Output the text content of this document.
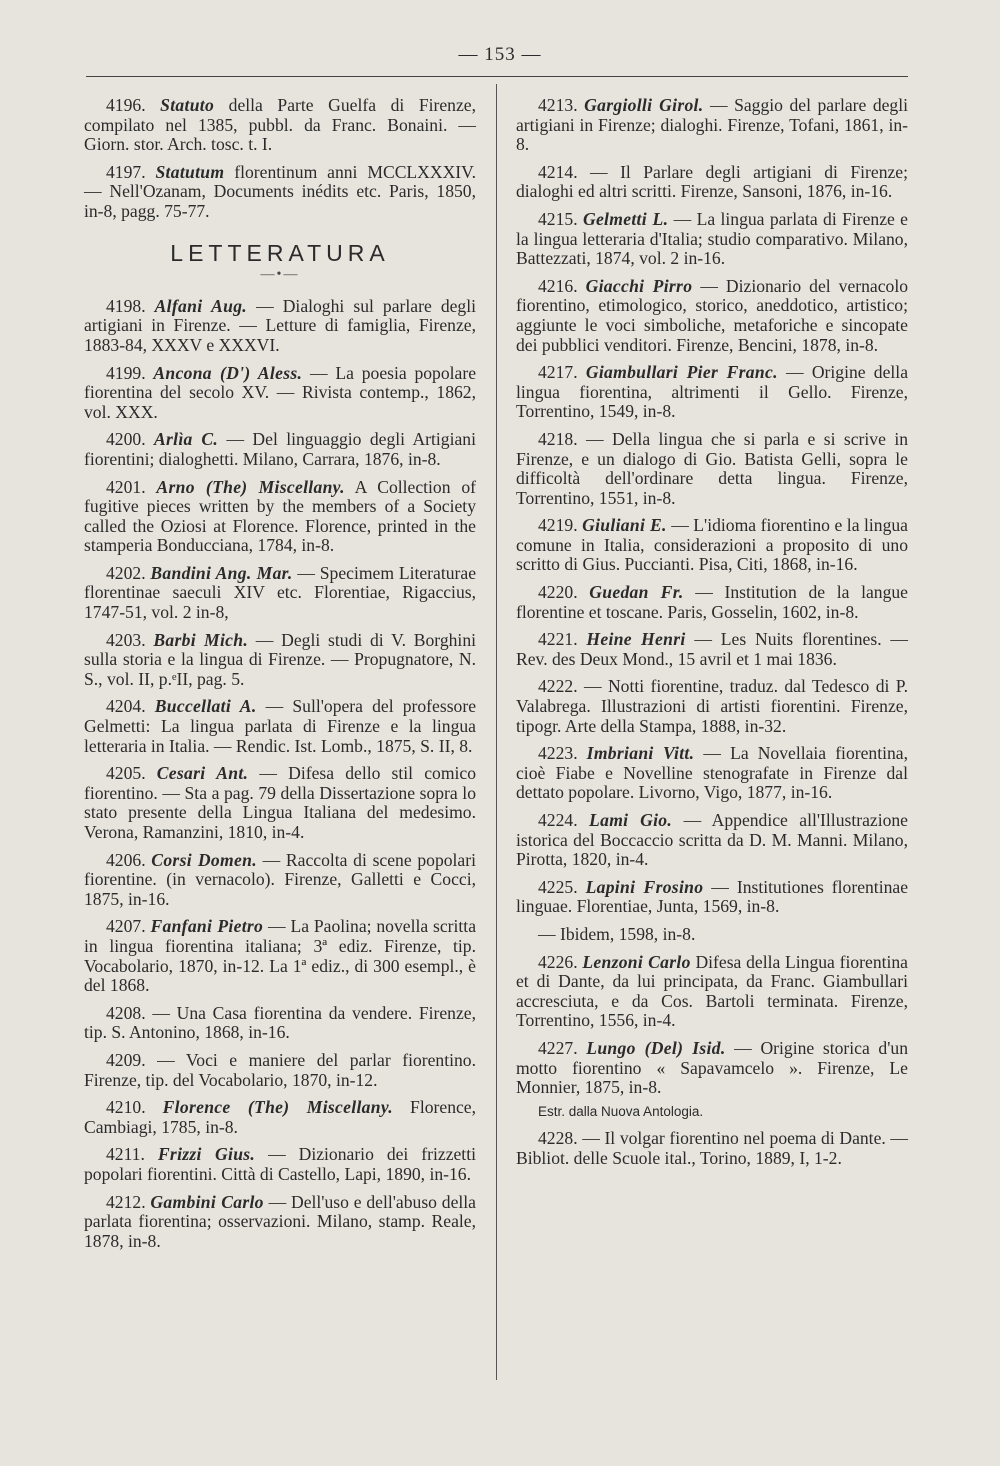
— 153 —
4196. Statuto della Parte Guelfa di Firenze, compilato nel 1385, pubbl. da Franc. Bonaini. — Giorn. stor. Arch. tosc. t. I.
4197. Statutum florentinum anni MCCLXXXIV. — Nell'Ozanam, Documents inédits etc. Paris, 1850, in-8, pagg. 75-77.
LETTERATURA
—•—
4198. Alfani Aug. — Dialoghi sul parlare degli artigiani in Firenze. — Letture di famiglia, Firenze, 1883-84, XXXV e XXXVI.
4199. Ancona (D') Aless. — La poesia popolare fiorentina del secolo XV. — Rivista contemp., 1862, vol. XXX.
4200. Arlìa C. — Del linguaggio degli Artigiani fiorentini; dialoghetti. Milano, Carrara, 1876, in-8.
4201. Arno (The) Miscellany. A Collection of fugitive pieces written by the members of a Society called the Oziosi at Florence. Florence, printed in the stamperia Bonducciana, 1784, in-8.
4202. Bandini Ang. Mar. — Specimem Literaturae florentinae saeculi XIV etc. Florentiae, Rigaccius, 1747-51, vol. 2 in-8,
4203. Barbi Mich. — Degli studi di V. Borghini sulla storia e la lingua di Firenze. — Propugnatore, N. S., vol. II, p.ᵉII, pag. 5.
4204. Buccellati A. — Sull'opera del professore Gelmetti: La lingua parlata di Firenze e la lingua letteraria in Italia. — Rendic. Ist. Lomb., 1875, S. II, 8.
4205. Cesari Ant. — Difesa dello stil comico fiorentino. — Sta a pag. 79 della Dissertazione sopra lo stato presente della Lingua Italiana del medesimo. Verona, Ramanzini, 1810, in-4.
4206. Corsi Domen. — Raccolta di scene popolari fiorentine. (in vernacolo). Firenze, Galletti e Cocci, 1875, in-16.
4207. Fanfani Pietro — La Paolina; novella scritta in lingua fiorentina italiana; 3ª ediz. Firenze, tip. Vocabolario, 1870, in-12. La 1ª ediz., di 300 esempl., è del 1868.
4208. — Una Casa fiorentina da vendere. Firenze, tip. S. Antonino, 1868, in-16.
4209. — Voci e maniere del parlar fiorentino. Firenze, tip. del Vocabolario, 1870, in-12.
4210. Florence (The) Miscellany. Florence, Cambiagi, 1785, in-8.
4211. Frizzi Gius. — Dizionario dei frizzetti popolari fiorentini. Città di Castello, Lapi, 1890, in-16.
4212. Gambini Carlo — Dell'uso e dell'abuso della parlata fiorentina; osservazioni. Milano, stamp. Reale, 1878, in-8.
4213. Gargiolli Girol. — Saggio del parlare degli artigiani in Firenze; dialoghi. Firenze, Tofani, 1861, in-8.
4214. — Il Parlare degli artigiani di Firenze; dialoghi ed altri scritti. Firenze, Sansoni, 1876, in-16.
4215. Gelmetti L. — La lingua parlata di Firenze e la lingua letteraria d'Italia; studio comparativo. Milano, Battezzati, 1874, vol. 2 in-16.
4216. Giacchi Pirro — Dizionario del vernacolo fiorentino, etimologico, storico, aneddotico, artistico; aggiunte le voci simboliche, metaforiche e sincopate dei pubblici venditori. Firenze, Bencini, 1878, in-8.
4217. Giambullari Pier Franc. — Origine della lingua fiorentina, altrimenti il Gello. Firenze, Torrentino, 1549, in-8.
4218. — Della lingua che si parla e si scrive in Firenze, e un dialogo di Gio. Batista Gelli, sopra le difficoltà dell'ordinare detta lingua. Firenze, Torrentino, 1551, in-8.
4219. Giuliani E. — L'idioma fiorentino e la lingua comune in Italia, considerazioni a proposito di uno scritto di Gius. Puccianti. Pisa, Citi, 1868, in-16.
4220. Guedan Fr. — Institution de la langue florentine et toscane. Paris, Gosselin, 1602, in-8.
4221. Heine Henri — Les Nuits florentines. — Rev. des Deux Mond., 15 avril et 1 mai 1836.
4222. — Notti fiorentine, traduz. dal Tedesco di P. Valabrega. Illustrazioni di artisti fiorentini. Firenze, tipogr. Arte della Stampa, 1888, in-32.
4223. Imbriani Vitt. — La Novellaia fiorentina, cioè Fiabe e Novelline stenografate in Firenze dal dettato popolare. Livorno, Vigo, 1877, in-16.
4224. Lami Gio. — Appendice all'Illustrazione istorica del Boccaccio scritta da D. M. Manni. Milano, Pirotta, 1820, in-4.
4225. Lapini Frosino — Institutiones florentinae linguae. Florentiae, Junta, 1569, in-8.
— Ibidem, 1598, in-8.
4226. Lenzoni Carlo Difesa della Lingua fiorentina et di Dante, da lui principata, da Franc. Giambullari accresciuta, e da Cos. Bartoli terminata. Firenze, Torrentino, 1556, in-4.
4227. Lungo (Del) Isid. — Origine storica d'un motto fiorentino « Sapavamcelo ». Firenze, Le Monnier, 1875, in-8.
Estr. dalla Nuova Antologia.
4228. — Il volgar fiorentino nel poema di Dante. — Bibliot. delle Scuole ital., Torino, 1889, I, 1-2.
